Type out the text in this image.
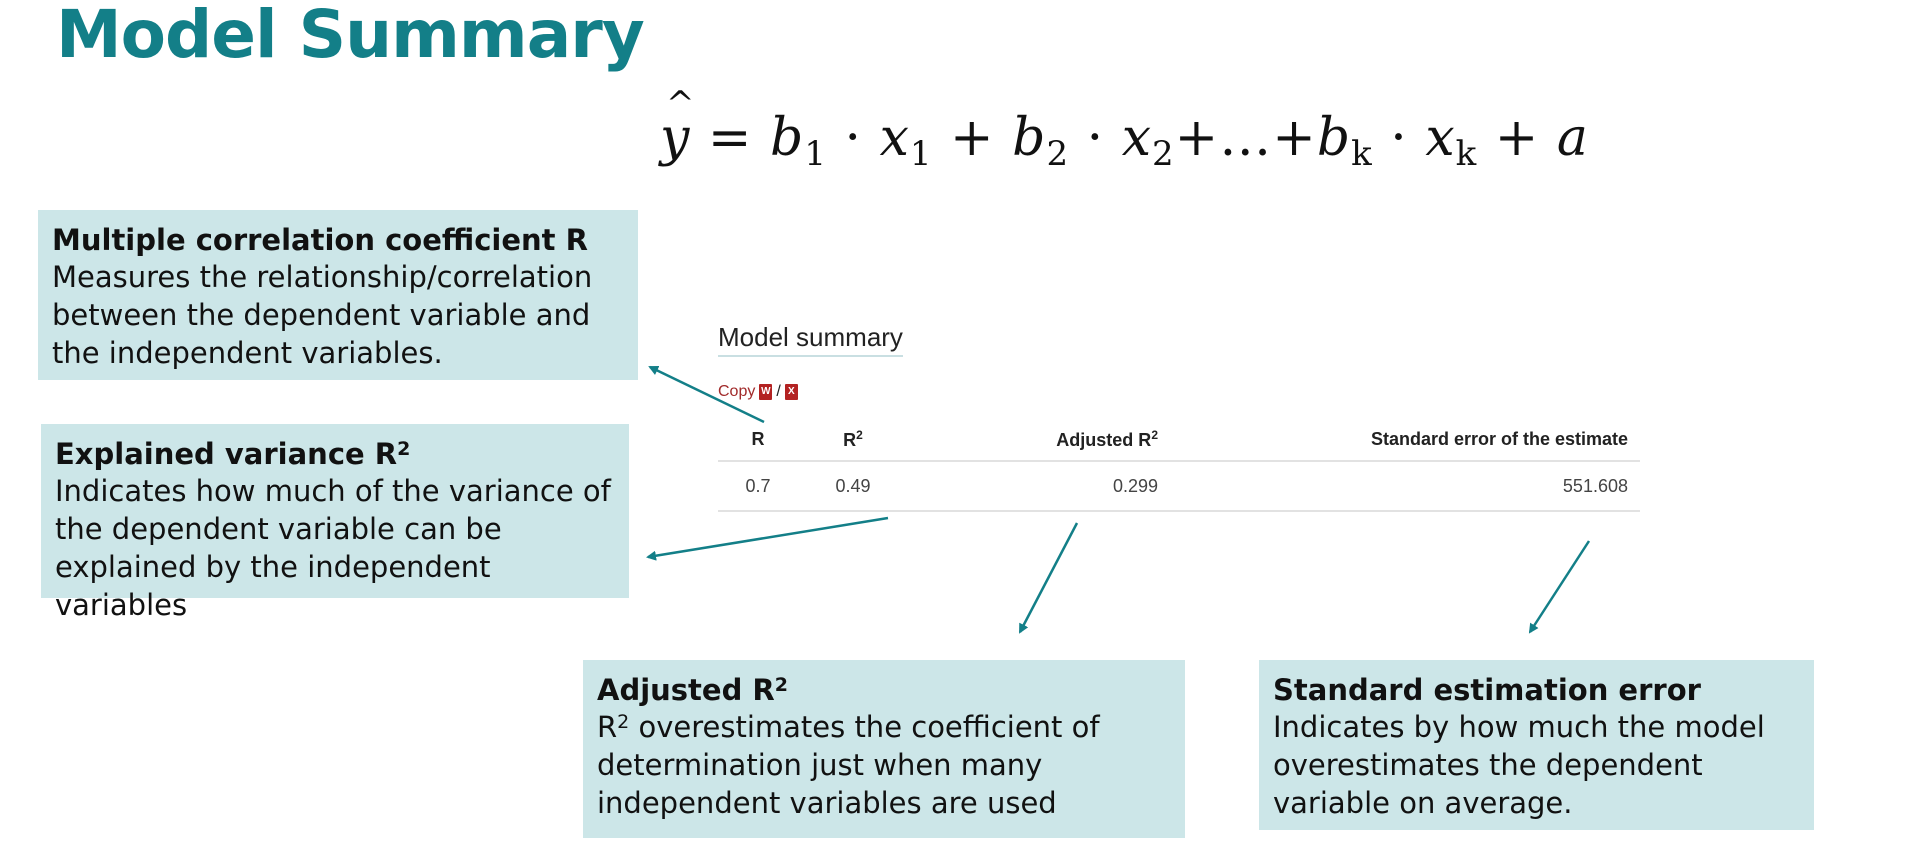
Model Summary
^ $y = b_1 \cdot x_1 + b_2$ · $x_2+\dots+b_k \cdot x_k + a$
Multiple correlation coefficient R
Measures the relationship/correlation between the dependent variable and the independent variables.
Explained variance $R^2$
Indicates how much of the variance of the dependent variable can be explained by the independent variables
Adjusted $R^2$
$R^2$ overestimates the coefficient of determination just when many independent variables are used
Standard estimation error
Indicates by how much the model overestimates the dependent variable on average.
Model summary
Copy W / X
R	$R^2$	Adjusted $R^2$	Standard error of the estimate
0.7	0.49	0.299	551.608
